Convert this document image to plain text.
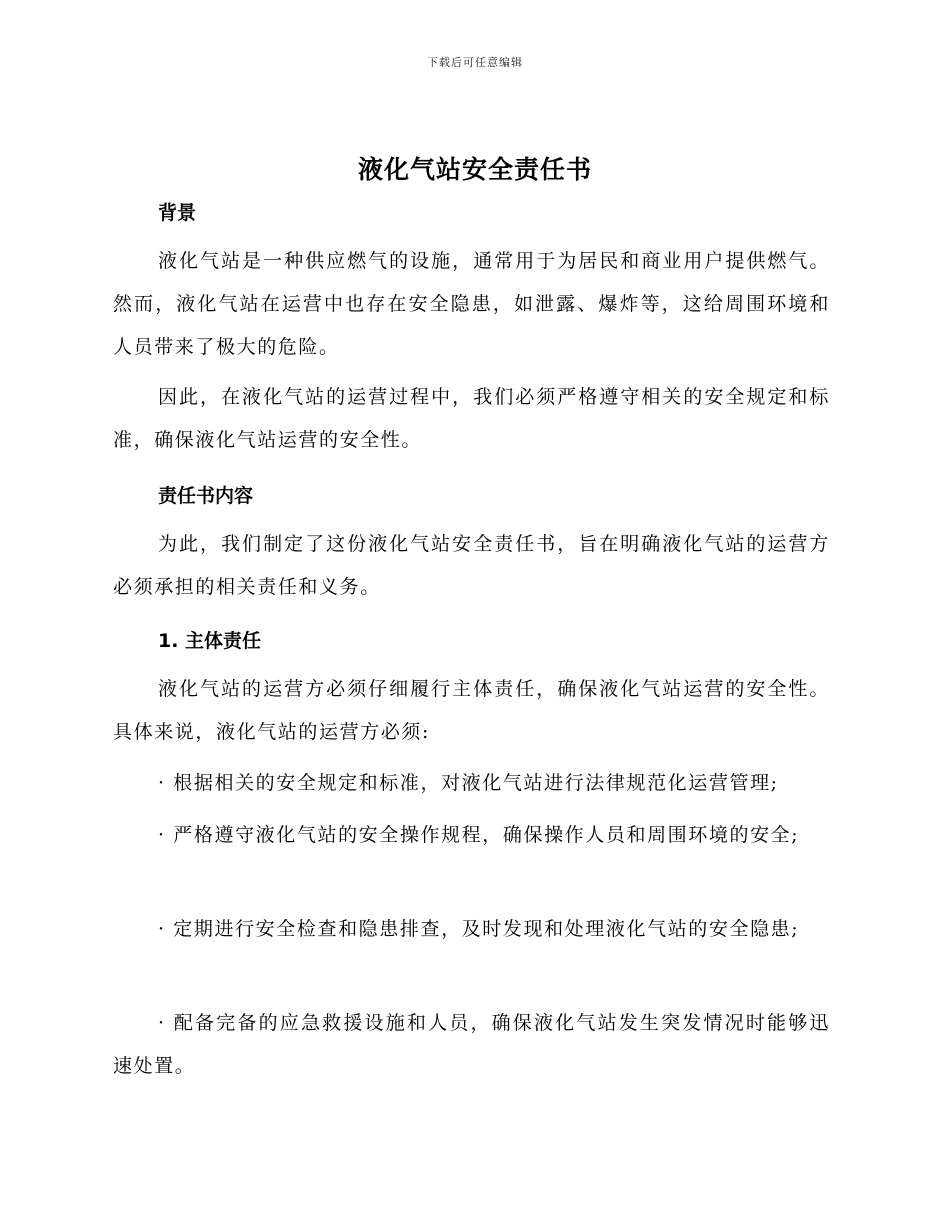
下载后可任意编辑
液化气站安全责任书
背景

液化气站是一种供应燃气的设施，通常用于为居民和商业用户提供燃气。然而，液化气站在运营中也存在安全隐患，如泄露、爆炸等，这给周围环境和人员带来了极大的危险。

因此，在液化气站的运营过程中，我们必须严格遵守相关的安全规定和标准，确保液化气站运营的安全性。

责任书内容

为此，我们制定了这份液化气站安全责任书，旨在明确液化气站的运营方必须承担的相关责任和义务。

1. 主体责任

液化气站的运营方必须仔细履行主体责任，确保液化气站运营的安全性。具体来说，液化气站的运营方必须:

· 根据相关的安全规定和标准，对液化气站进行法律规范化运营管理;

· 严格遵守液化气站的安全操作规程，确保操作人员和周围环境的安全;

· 定期进行安全检查和隐患排查，及时发现和处理液化气站的安全隐患;

· 配备完备的应急救援设施和人员，确保液化气站发生突发情况时能够迅速处置。
